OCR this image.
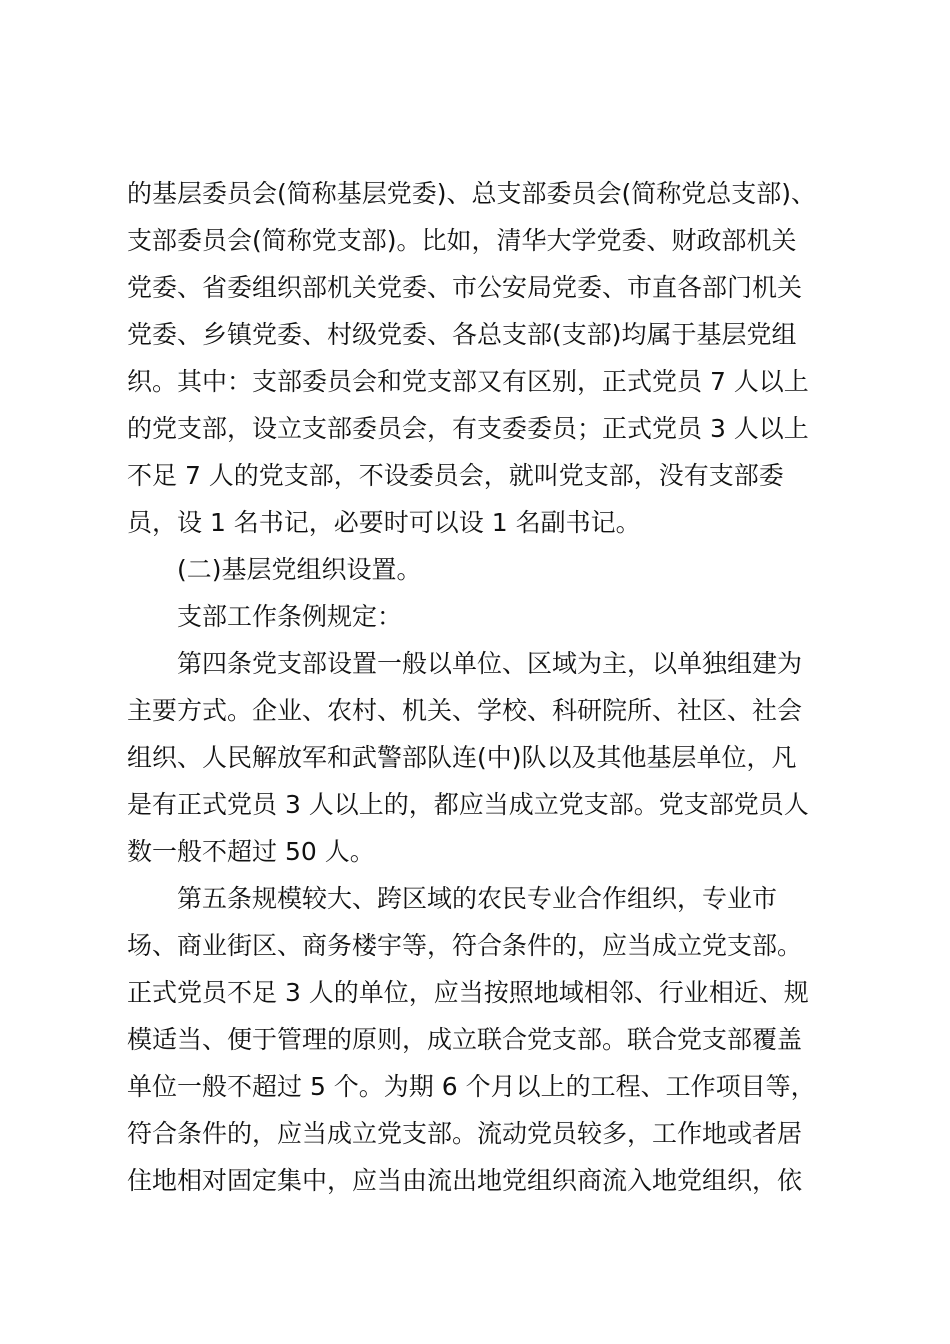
的基层委员会(简称基层党委)、总支部委员会(简称党总支部)、
支部委员会(简称党支部)。比如，清华大学党委、财政部机关
党委、省委组织部机关党委、市公安局党委、市直各部门机关
党委、乡镇党委、村级党委、各总支部(支部)均属于基层党组
织。其中：支部委员会和党支部又有区别，正式党员 7 人以上
的党支部，设立支部委员会，有支委委员；正式党员 3 人以上
不足 7 人的党支部，不设委员会，就叫党支部，没有支部委
员，设 1 名书记，必要时可以设 1 名副书记。
(二)基层党组织设置。
支部工作条例规定：
第四条党支部设置一般以单位、区域为主，以单独组建为
主要方式。企业、农村、机关、学校、科研院所、社区、社会
组织、人民解放军和武警部队连(中)队以及其他基层单位，凡
是有正式党员 3 人以上的，都应当成立党支部。党支部党员人
数一般不超过 50 人。
第五条规模较大、跨区域的农民专业合作组织，专业市
场、商业街区、商务楼宇等，符合条件的，应当成立党支部。
正式党员不足 3 人的单位，应当按照地域相邻、行业相近、规
模适当、便于管理的原则，成立联合党支部。联合党支部覆盖
单位一般不超过 5 个。为期 6 个月以上的工程、工作项目等，
符合条件的，应当成立党支部。流动党员较多，工作地或者居
住地相对固定集中，应当由流出地党组织商流入地党组织，依
